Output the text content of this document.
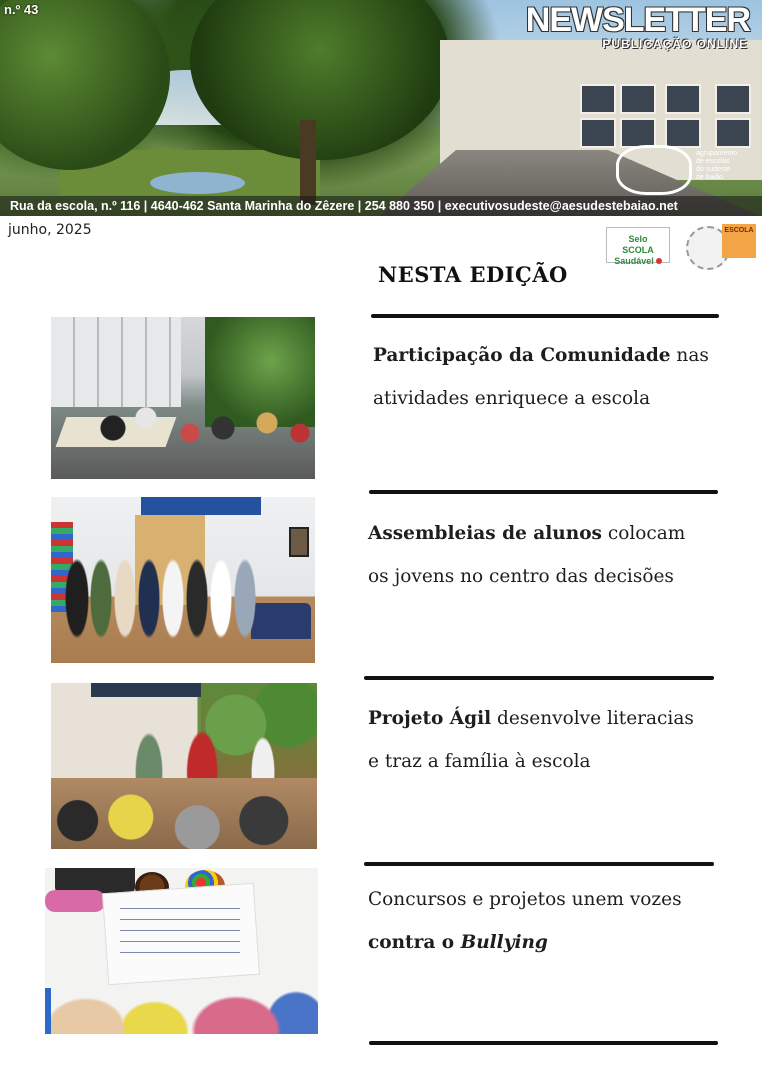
n.º 43	NEWSLETTER
PUBLICAÇÃO ONLINE
agrupamento
de escolas
do sudeste
de baião
Rua da escola, n.º 116 | 4640-462 Santa Marinha do Zêzere | 254 880 350 | executivosudeste@aesudestebaiao.net
junho, 2025
Selo
SCOLA
Saudável
ESCOLA
NESTA EDIÇÃO
Participação da Comunidade nas
atividades enriquece a escola
Assembleias de alunos colocam
os jovens no centro das decisões
Projeto Ágil desenvolve literacias
e traz a família à escola
Concursos e projetos unem vozes
contra o Bullying
